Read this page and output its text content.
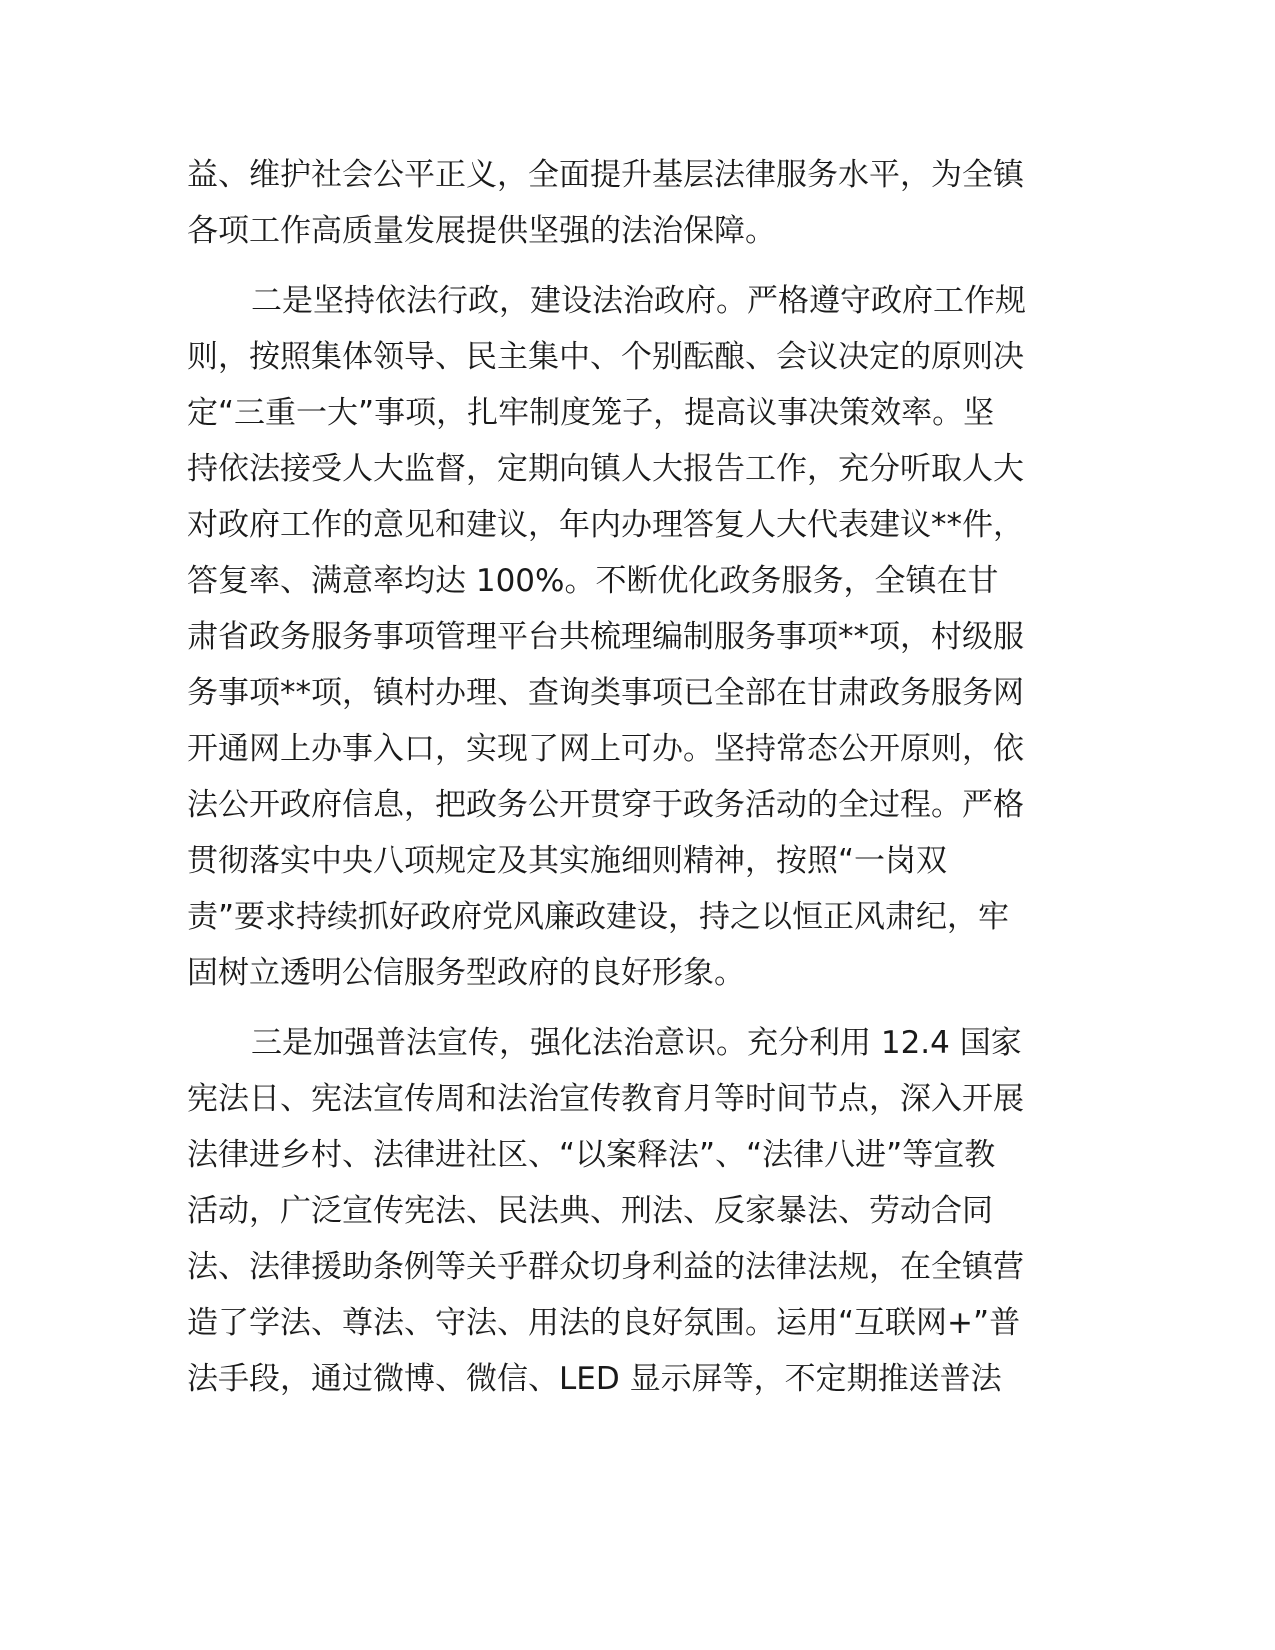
益、维护社会公平正义，全面提升基层法律服务水平，为全镇
各项工作高质量发展提供坚强的法治保障。
二是坚持依法行政，建设法治政府。严格遵守政府工作规
则，按照集体领导、民主集中、个别酝酿、会议决定的原则决
定“三重一大”事项，扎牢制度笼子，提高议事决策效率。坚
持依法接受人大监督，定期向镇人大报告工作，充分听取人大
对政府工作的意见和建议，年内办理答复人大代表建议**件，
答复率、满意率均达 100%。不断优化政务服务，全镇在甘
肃省政务服务事项管理平台共梳理编制服务事项**项，村级服
务事项**项，镇村办理、查询类事项已全部在甘肃政务服务网
开通网上办事入口，实现了网上可办。坚持常态公开原则，依
法公开政府信息，把政务公开贯穿于政务活动的全过程。严格
贯彻落实中央八项规定及其实施细则精神，按照“一岗双
责”要求持续抓好政府党风廉政建设，持之以恒正风肃纪，牢
固树立透明公信服务型政府的良好形象。
三是加强普法宣传，强化法治意识。充分利用 12.4 国家
宪法日、宪法宣传周和法治宣传教育月等时间节点，深入开展
法律进乡村、法律进社区、“以案释法”、“法律八进”等宣教
活动，广泛宣传宪法、民法典、刑法、反家暴法、劳动合同
法、法律援助条例等关乎群众切身利益的法律法规，在全镇营
造了学法、尊法、守法、用法的良好氛围。运用“互联网+”普
法手段，通过微博、微信、LED 显示屏等，不定期推送普法
